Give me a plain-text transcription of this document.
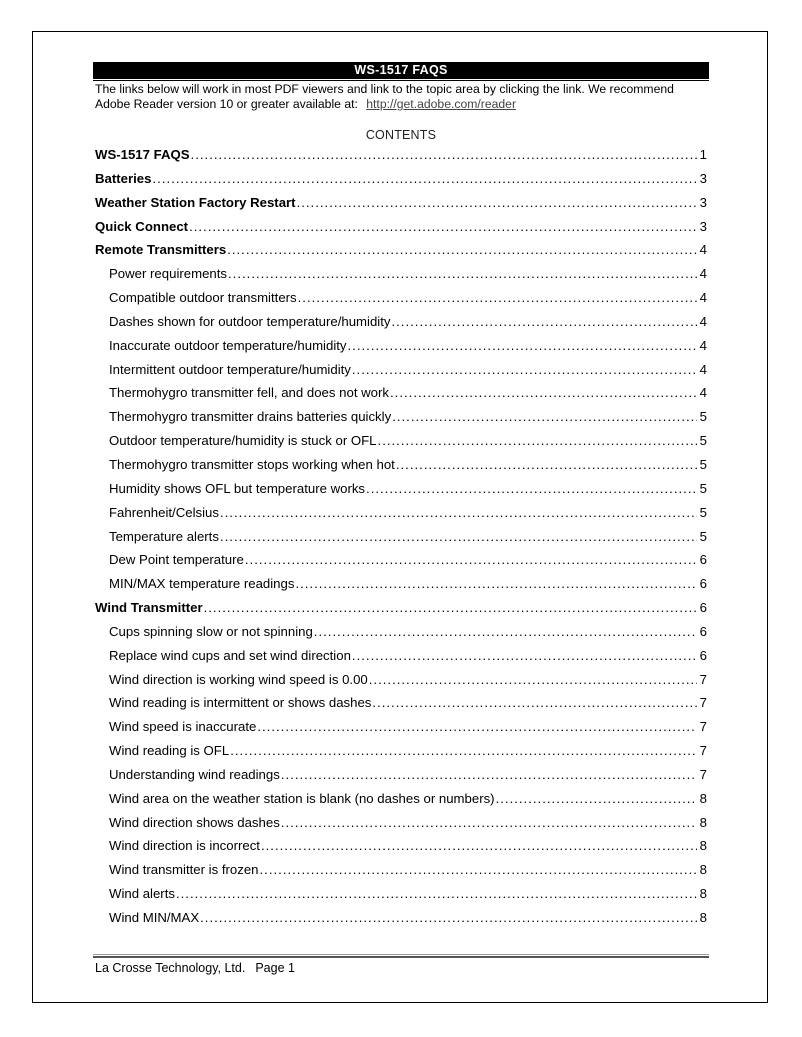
WS-1517 FAQS
The links below will work in most PDF viewers and link to the topic area by clicking the link. We recommend Adobe Reader version 10 or greater available at: http://get.adobe.com/reader
CONTENTS
WS-1517 FAQS .....	1
Batteries .....	3
Weather Station Factory Restart .....	3
Quick Connect .....	3
Remote Transmitters .....	4
Power requirements .....	4
Compatible outdoor transmitters .....	4
Dashes shown for outdoor temperature/humidity .....	4
Inaccurate outdoor temperature/humidity .....	4
Intermittent outdoor temperature/humidity .....	4
Thermohygro transmitter fell, and does not work .....	4
Thermohygro transmitter drains batteries quickly .....	5
Outdoor temperature/humidity is stuck or OFL .....	5
Thermohygro transmitter stops working when hot .....	5
Humidity shows OFL but temperature works .....	5
Fahrenheit/Celsius .....	5
Temperature alerts .....	5
Dew Point temperature .....	6
MIN/MAX temperature readings .....	6
Wind Transmitter .....	6
Cups spinning slow or not spinning .....	6
Replace wind cups and set wind direction .....	6
Wind direction is working wind speed is 0.00 .....	7
Wind reading is intermittent or shows dashes .....	7
Wind speed is inaccurate .....	7
Wind reading is OFL .....	7
Understanding wind readings .....	7
Wind area on the weather station is blank (no dashes or numbers) .....	8
Wind direction shows dashes .....	8
Wind direction is incorrect .....	8
Wind transmitter is frozen .....	8
Wind alerts .....	8
Wind MIN/MAX .....	8
La Crosse Technology, Ltd. Page 1
